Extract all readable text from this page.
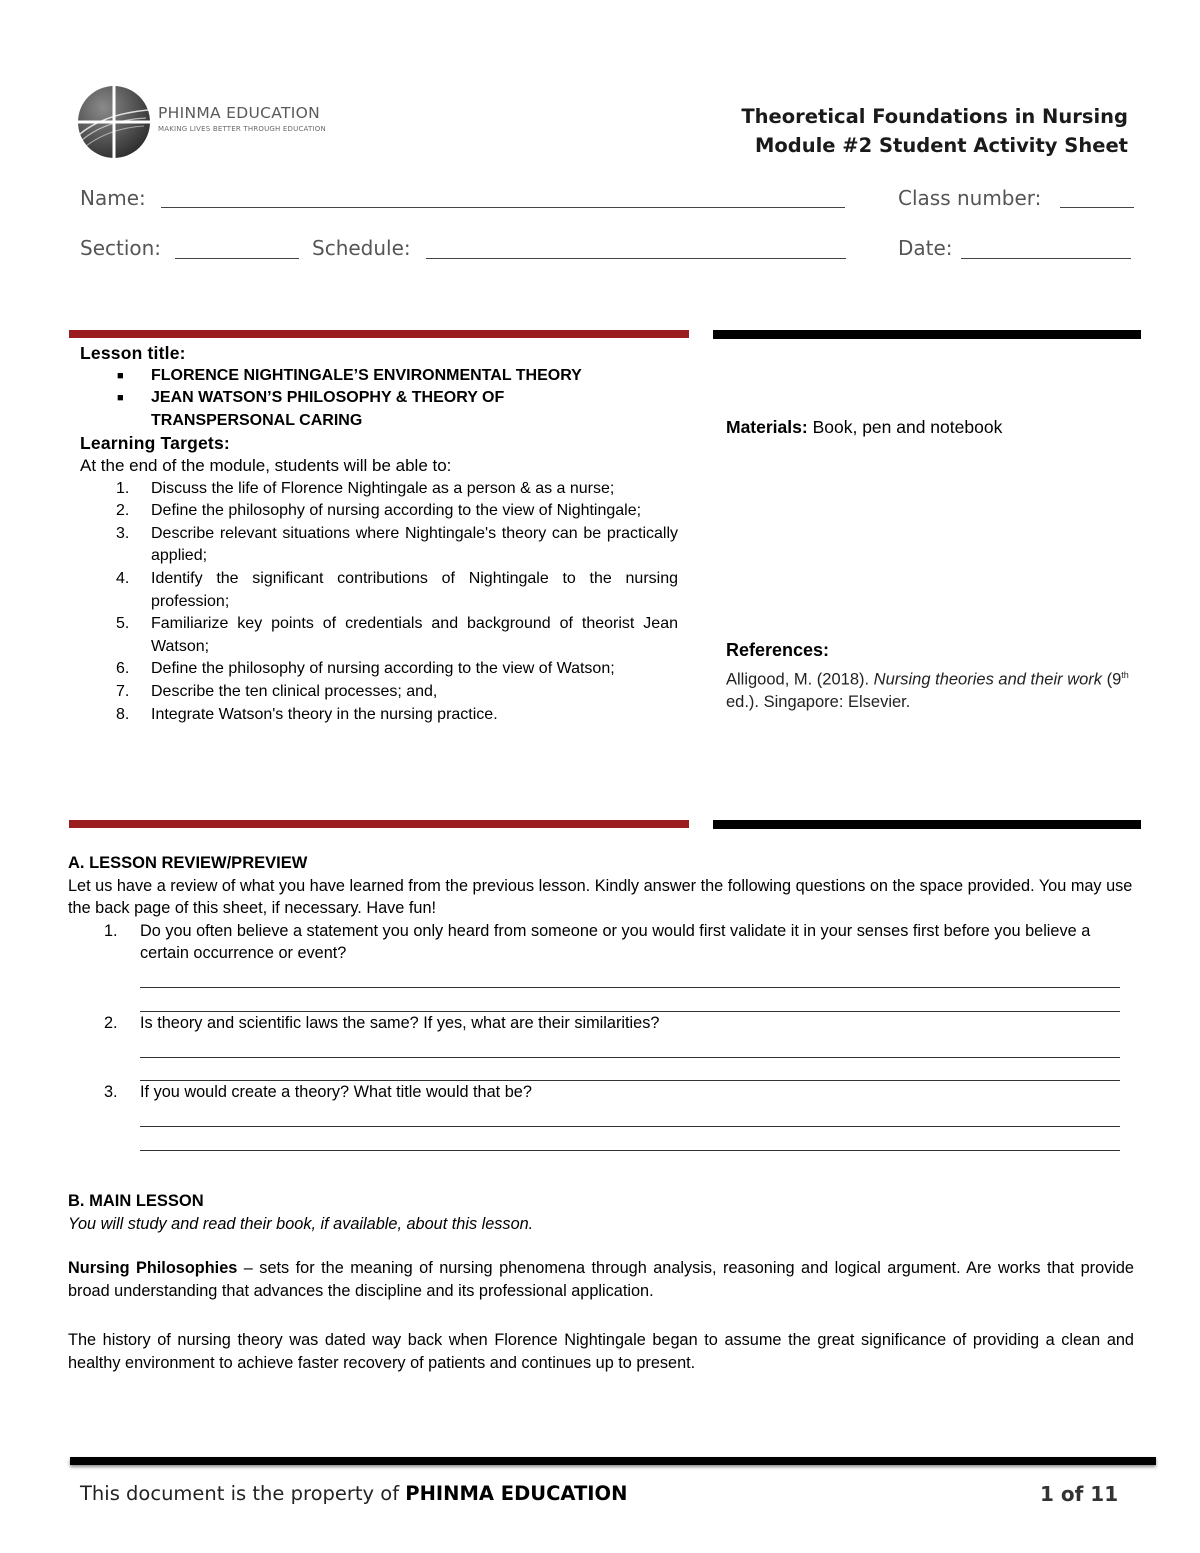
PHINMA EDUCATION
MAKING LIVES BETTER THROUGH EDUCATION
Theoretical Foundations in Nursing
Module #2 Student Activity Sheet
Name:	Class number:
Section:	Schedule:	Date:
Lesson title:
■ FLORENCE NIGHTINGALE’S ENVIRONMENTAL THEORY
■ JEAN WATSON’S PHILOSOPHY & THEORY OF TRANSPERSONAL CARING
Learning Targets:
At the end of the module, students will be able to:
1. Discuss the life of Florence Nightingale as a person & as a nurse;
2. Define the philosophy of nursing according to the view of Nightingale;
3. Describe relevant situations where Nightingale's theory can be practically applied;
4. Identify the significant contributions of Nightingale to the nursing profession;
5. Familiarize key points of credentials and background of theorist Jean Watson;
6. Define the philosophy of nursing according to the view of Watson;
7. Describe the ten clinical processes; and,
8. Integrate Watson's theory in the nursing practice.
Materials: Book, pen and notebook
References:
Alligood, M. (2018). Nursing theories and their work (9th ed.). Singapore: Elsevier.
A. LESSON REVIEW/PREVIEW
Let us have a review of what you have learned from the previous lesson. Kindly answer the following questions on the space provided. You may use the back page of this sheet, if necessary. Have fun!
1. Do you often believe a statement you only heard from someone or you would first validate it in your senses first before you believe a certain occurrence or event?
2. Is theory and scientific laws the same? If yes, what are their similarities?
3. If you would create a theory? What title would that be?
B. MAIN LESSON
You will study and read their book, if available, about this lesson.
Nursing Philosophies – sets for the meaning of nursing phenomena through analysis, reasoning and logical argument. Are works that provide broad understanding that advances the discipline and its professional application.
The history of nursing theory was dated way back when Florence Nightingale began to assume the great significance of providing a clean and healthy environment to achieve faster recovery of patients and continues up to present.
This document is the property of PHINMA EDUCATION	1 of 11
